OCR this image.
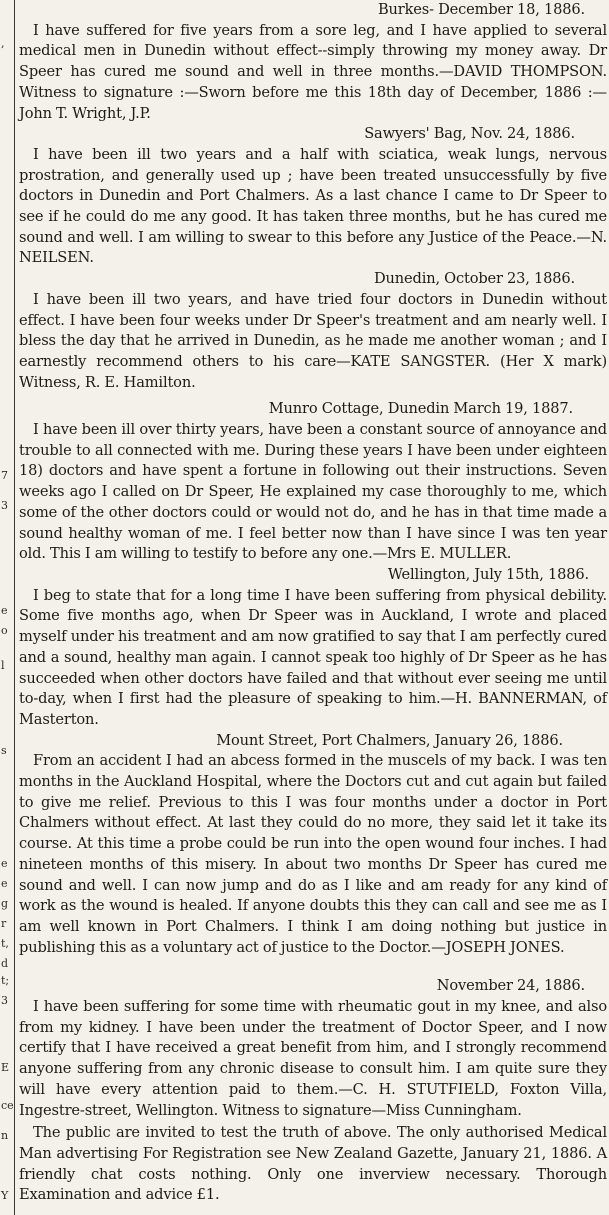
,
7
3
e
o
l
s
e
e
g
r
t,
d
t;
3
E
ce
n
Y
Burkes- December 18, 1886.
I have suffered for five years from a sore leg, and I have applied to several medical men in Dunedin without effect--simply throwing my money away. Dr Speer has cured me sound and well in three months.—DAVID THOMPSON. Witness to signature :—Sworn before me this 18th day of December, 1886 :—John T. Wright, J.P.
Sawyers' Bag, Nov. 24, 1886.
I have been ill two years and a half with sciatica, weak lungs, nervous prostration, and generally used up ; have been treated unsuccessfully by five doctors in Dunedin and Port Chalmers. As a last chance I came to Dr Speer to see if he could do me any good. It has taken three months, but he has cured me sound and well. I am willing to swear to this before any Justice of the Peace.—N. NEILSEN.
Dunedin, October 23, 1886.
I have been ill two years, and have tried four doctors in Dunedin without effect. I have been four weeks under Dr Speer's treatment and am nearly well. I bless the day that he arrived in Dunedin, as he made me another woman ; and I earnestly recommend others to his care—KATE SANGSTER. (Her X mark) Witness, R. E. Hamilton.
Munro Cottage, Dunedin March 19, 1887.
I have been ill over thirty years, have been a constant source of annoyance and trouble to all connected with me. During these years I have been under eighteen 18) doctors and have spent a fortune in following out their instructions. Seven weeks ago I called on Dr Speer, He explained my case thoroughly to me, which some of the other doctors could or would not do, and he has in that time made a sound healthy woman of me. I feel better now than I have since I was ten year old. This I am willing to testify to before any one.—Mrs E. MULLER.
Wellington, July 15th, 1886.
I beg to state that for a long time I have been suffering from physical debility. Some five months ago, when Dr Speer was in Auckland, I wrote and placed myself under his treatment and am now gratified to say that I am perfectly cured and a sound, healthy man again. I cannot speak too highly of Dr Speer as he has succeeded when other doctors have failed and that without ever seeing me until to-day, when I first had the pleasure of speaking to him.—H. BANNERMAN, of Masterton.
Mount Street, Port Chalmers, January 26, 1886.
From an accident I had an abcess formed in the muscels of my back. I was ten months in the Auckland Hospital, where the Doctors cut and cut again but failed to give me relief. Previous to this I was four months under a doctor in Port Chalmers without effect. At last they could do no more, they said let it take its course. At this time a probe could be run into the open wound four inches. I had nineteen months of this misery. In about two months Dr Speer has cured me sound and well. I can now jump and do as I like and am ready for any kind of work as the wound is healed. If anyone doubts this they can call and see me as I am well known in Port Chalmers. I think I am doing nothing but justice in publishing this as a voluntary act of justice to the Doctor.—JOSEPH JONES.
November 24, 1886.
I have been suffering for some time with rheumatic gout in my knee, and also from my kidney. I have been under the treatment of Doctor Speer, and I now certify that I have received a great benefit from him, and I strongly recommend anyone suffering from any chronic disease to consult him. I am quite sure they will have every attention paid to them.—C. H. STUTFIELD, Foxton Villa, Ingestre-street, Wellington. Witness to signature—Miss Cunningham.
The public are invited to test the truth of above. The only authorised Medical Man advertising For Registration see New Zealand Gazette, January 21, 1886. A friendly chat costs nothing. Only one inverview necessary. Thorough Examination and advice £1.
